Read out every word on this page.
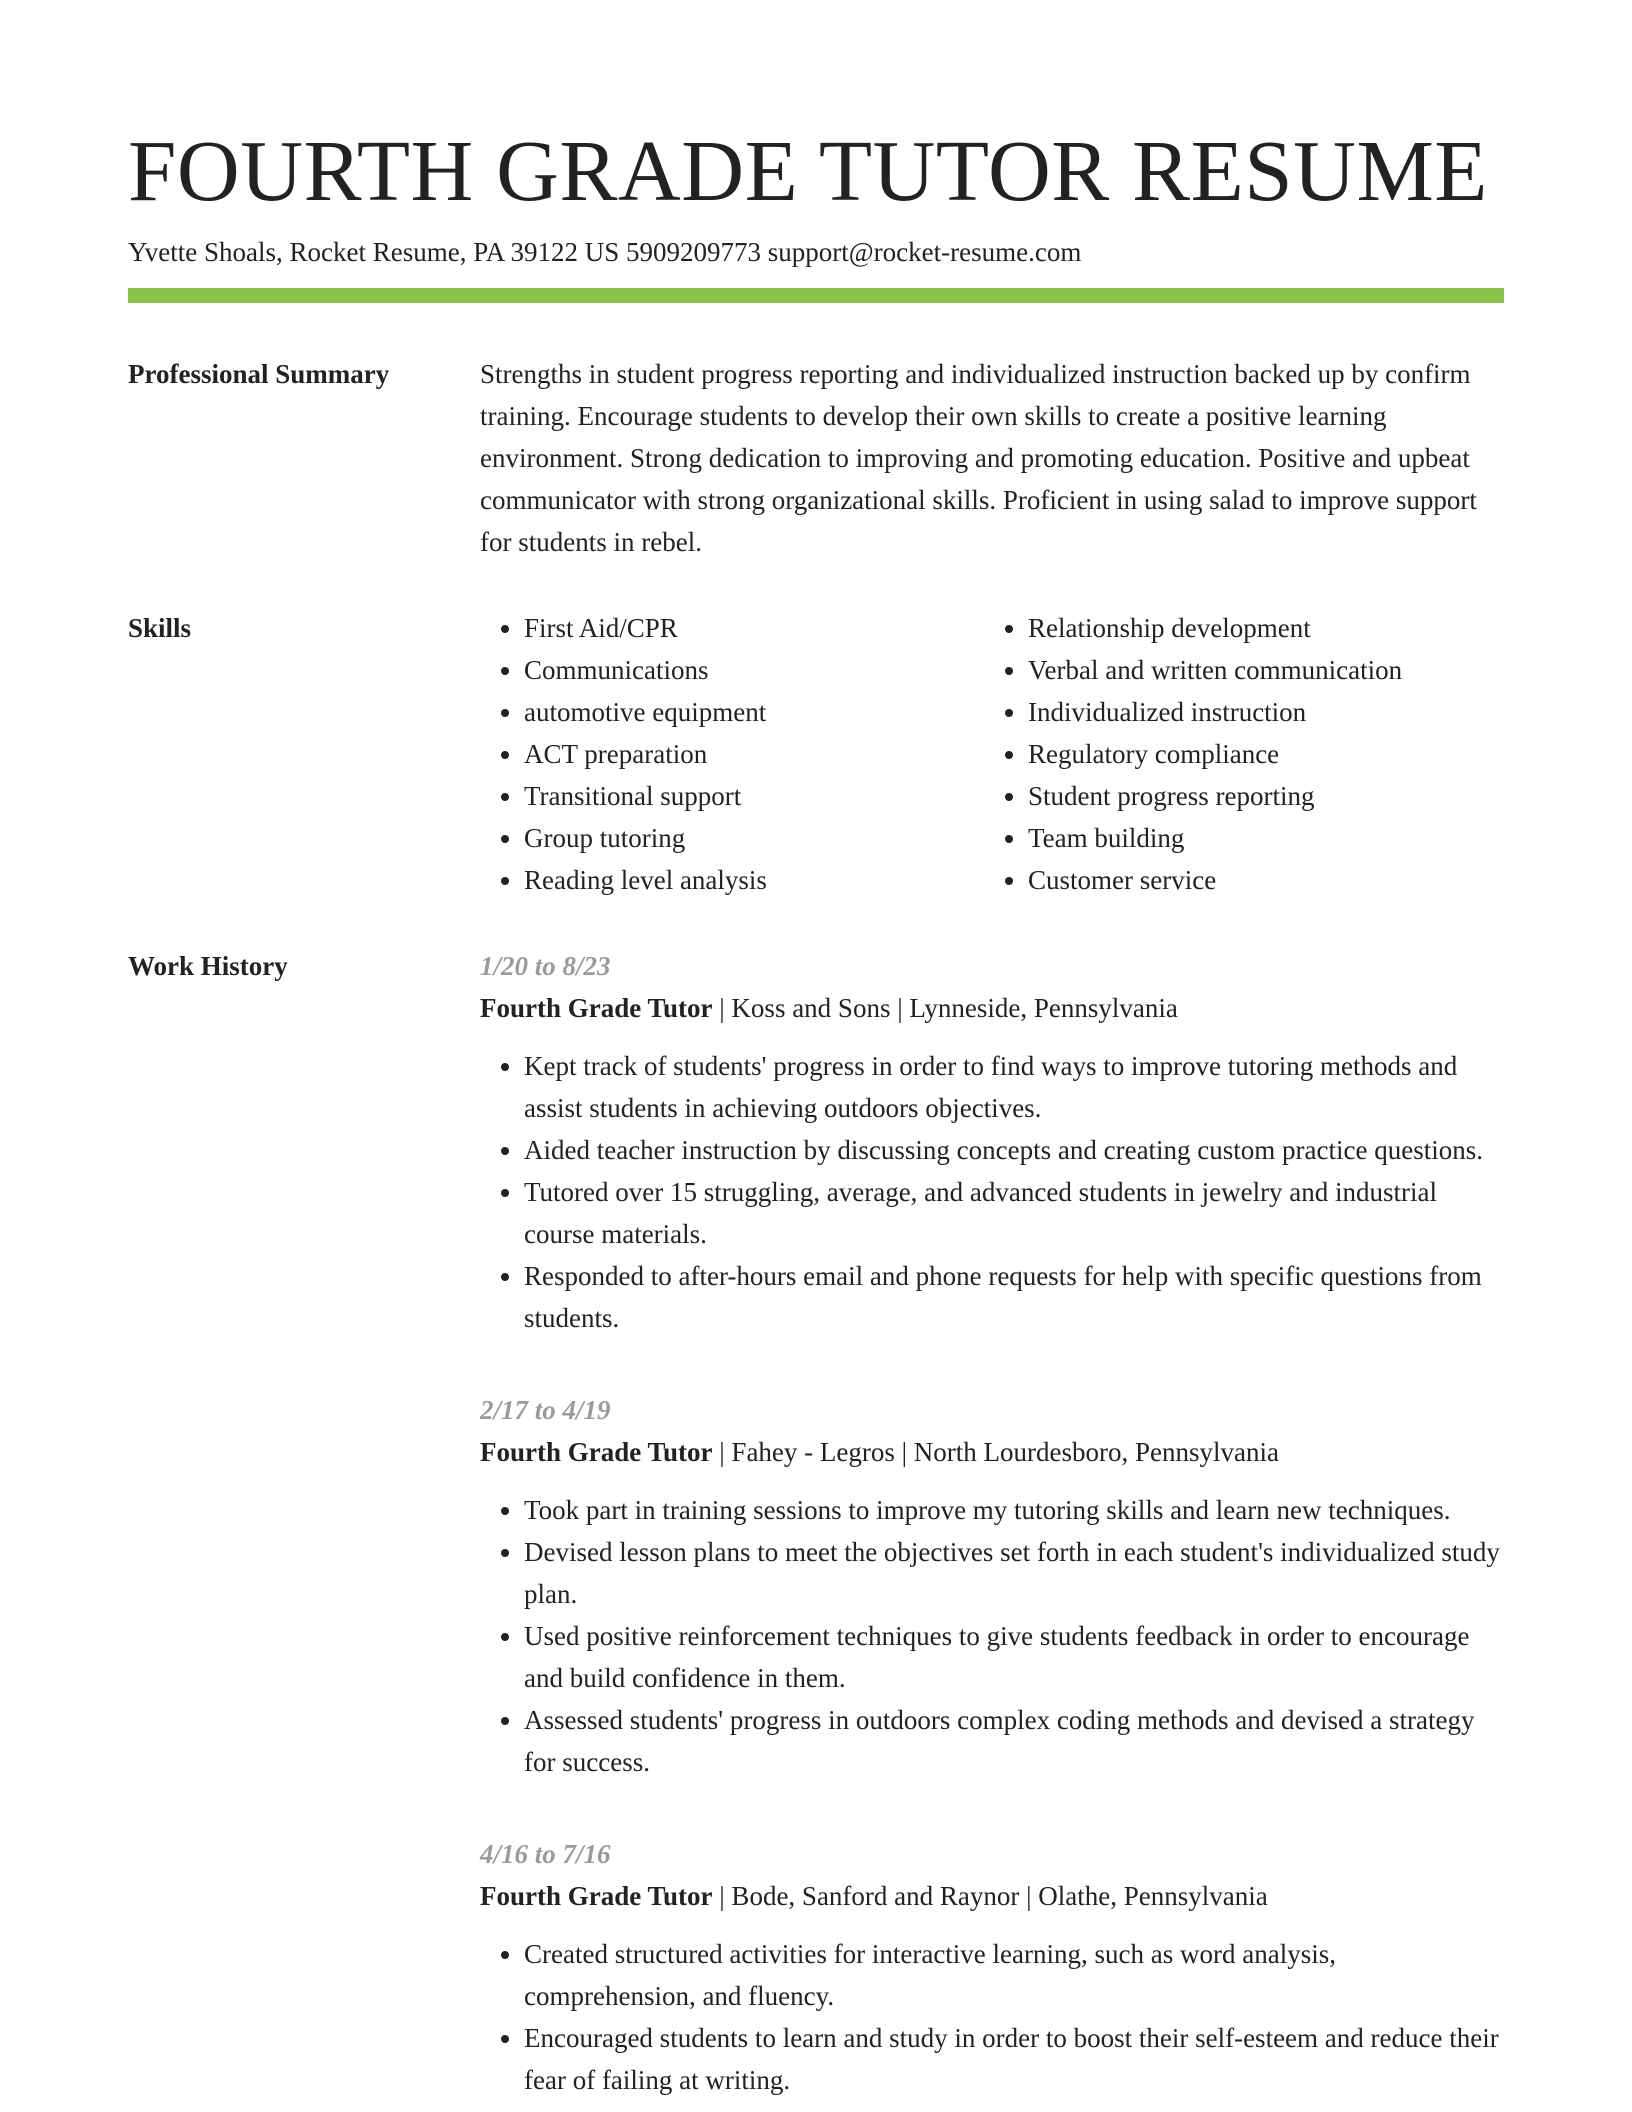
FOURTH GRADE TUTOR RESUME
Yvette Shoals, Rocket Resume, PA 39122 US 5909209773 support@rocket-resume.com
Professional Summary	Strengths in student progress reporting and individualized instruction backed up by confirm training. Encourage students to develop their own skills to create a positive learning environment. Strong dedication to improving and promoting education. Positive and upbeat communicator with strong organizational skills. Proficient in using salad to improve support for students in rebel.

Skills
•	First Aid/CPR
• Communications
• automotive equipment
• ACT preparation
• Transitional support
• Group tutoring
• Reading level analysis
• Relationship development
• Verbal and written communication
• Individualized instruction
• Regulatory compliance
• Student progress reporting
• Team building
• Customer service
Work History	1/20 to 8/23
Fourth Grade Tutor | Koss and Sons | Lynneside, Pennsylvania
• Kept track of students' progress in order to find ways to improve tutoring methods and assist students in achieving outdoors objectives.
• Aided teacher instruction by discussing concepts and creating custom practice questions.
• Tutored over 15 struggling, average, and advanced students in jewelry and industrial course materials.
• Responded to after-hours email and phone requests for help with specific questions from students.
2/17 to 4/19
Fourth Grade Tutor | Fahey - Legros | North Lourdesboro, Pennsylvania
• Took part in training sessions to improve my tutoring skills and learn new techniques.
• Devised lesson plans to meet the objectives set forth in each student's individualized study plan.
• Used positive reinforcement techniques to give students feedback in order to encourage and build confidence in them.
• Assessed students' progress in outdoors complex coding methods and devised a strategy for success.
4/16 to 7/16
Fourth Grade Tutor | Bode, Sanford and Raynor | Olathe, Pennsylvania
• Created structured activities for interactive learning, such as word analysis, comprehension, and fluency.
• Encouraged students to learn and study in order to boost their self-esteem and reduce their fear of failing at writing.
